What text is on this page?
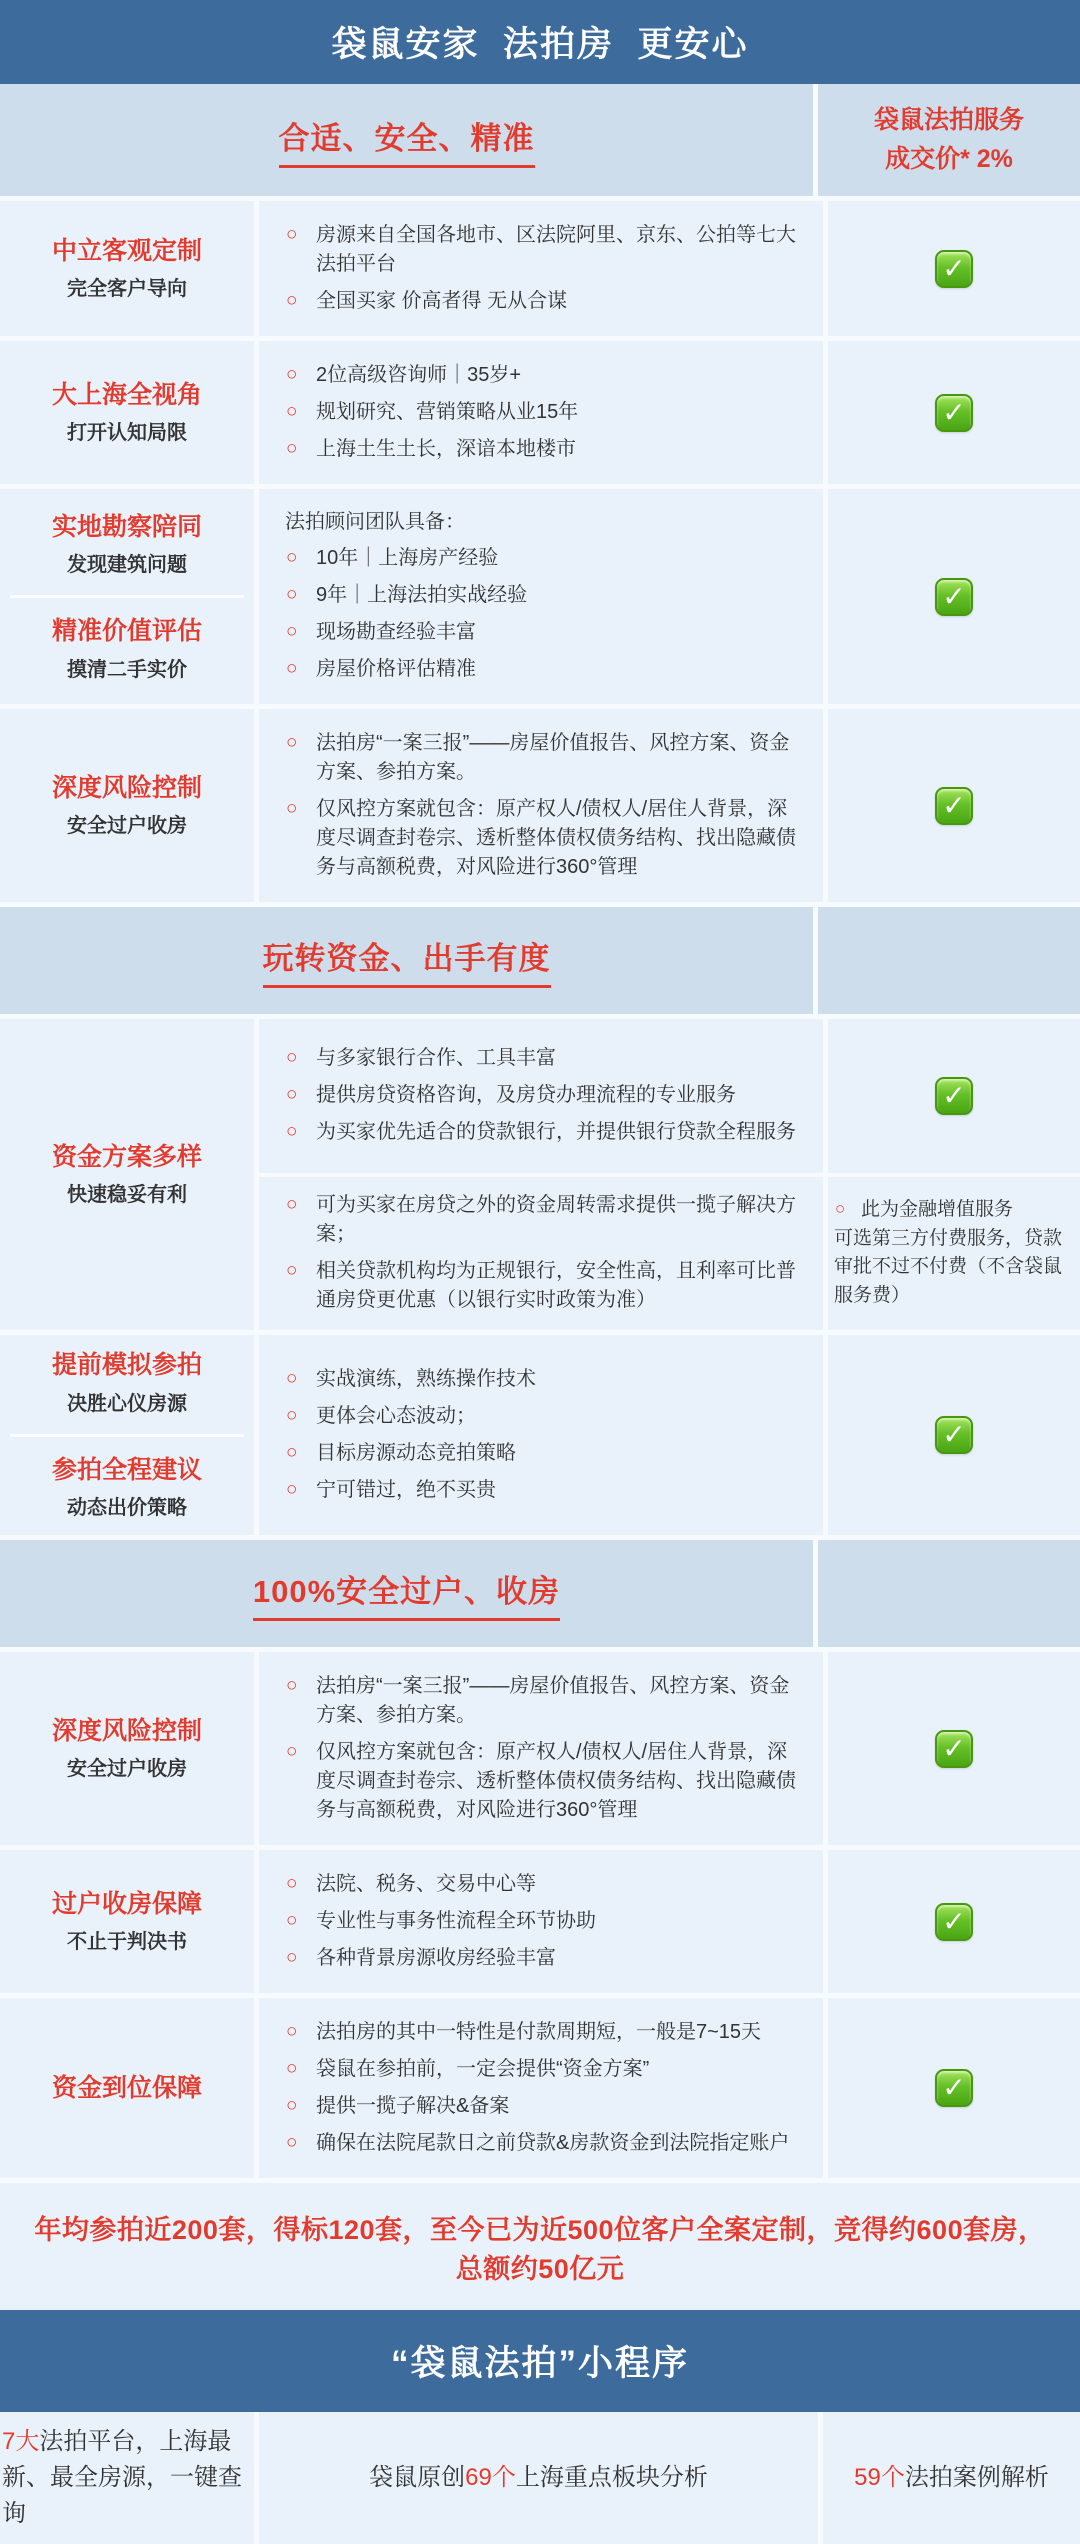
袋鼠安家  法拍房  更安心
合适、安全、精准
袋鼠法拍服务
成交价* 2%
中立客观定制
完全客户导向
○ 房源来自全国各地市、区法院阿里、京东、公拍等七大法拍平台
○ 全国买家 价高者得 无从合谋
✓
大上海全视角
打开认知局限
○ 2位高级咨询师｜35岁+
○ 规划研究、营销策略从业15年
○ 上海土生土长，深谙本地楼市
✓
实地勘察陪同
发现建筑问题
精准价值评估
摸清二手实价
法拍顾问团队具备：
○ 10年｜上海房产经验
○ 9年｜上海法拍实战经验
○ 现场勘查经验丰富
○ 房屋价格评估精准
✓
深度风险控制
安全过户收房
○ 法拍房“一案三报”——房屋价值报告、风控方案、资金方案、参拍方案。
○ 仅风控方案就包含：原产权人/债权人/居住人背景，深度尽调查封卷宗、透析整体债权债务结构、找出隐藏债务与高额税费，对风险进行360°管理
✓
玩转资金、出手有度
资金方案多样
快速稳妥有利
○ 与多家银行合作、工具丰富
○ 提供房贷资格咨询，及房贷办理流程的专业服务
○ 为买家优先适合的贷款银行，并提供银行贷款全程服务
✓
○ 可为买家在房贷之外的资金周转需求提供一揽子解决方案；
○ 相关贷款机构均为正规银行，安全性高，且利率可比普通房贷更优惠（以银行实时政策为准）
○ 此为金融增值服务
可选第三方付费服务，贷款审批不过不付费（不含袋鼠服务费）
提前模拟参拍
决胜心仪房源
参拍全程建议
动态出价策略
○ 实战演练，熟练操作技术
○ 更体会心态波动；
○ 目标房源动态竞拍策略
○ 宁可错过，绝不买贵
✓
100%安全过户、收房
深度风险控制
安全过户收房
○ 法拍房“一案三报”——房屋价值报告、风控方案、资金方案、参拍方案。
○ 仅风控方案就包含：原产权人/债权人/居住人背景，深度尽调查封卷宗、透析整体债权债务结构、找出隐藏债务与高额税费，对风险进行360°管理
✓
过户收房保障
不止于判决书
○ 法院、税务、交易中心等
○ 专业性与事务性流程全环节协助
○ 各种背景房源收房经验丰富
✓
资金到位保障
○ 法拍房的其中一特性是付款周期短，一般是7~15天
○ 袋鼠在参拍前，一定会提供“资金方案”
○ 提供一揽子解决&备案
○ 确保在法院尾款日之前贷款&房款资金到法院指定账户
✓
年均参拍近200套，得标120套，至今已为近500位客户全案定制，竞得约600套房，总额约50亿元
“袋鼠法拍”小程序
7大法拍平台，上海最新、最全房源，一键查询
袋鼠原创69个上海重点板块分析	59个法拍案例解析
